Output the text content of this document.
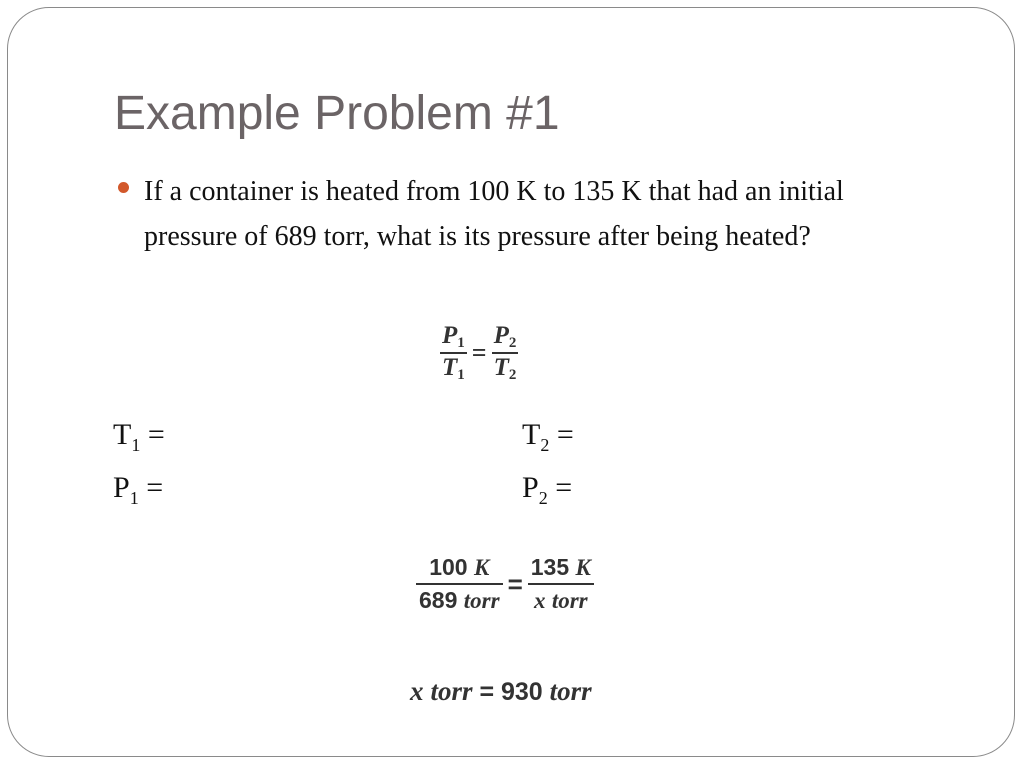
Example Problem #1
If a container is heated from 100 K to 135 K that had an initial pressure of 689 torr, what is its pressure after being heated?
$\frac{P1}{T1} = \frac{P2}{T2}$
$T_1$ =	$T_2$ =
$P_1$ =	$P_2$ =
$\frac{100 K}{\text{689 torr}} = \frac{135 K}{\text{x torr}}$
x torr = 930 torr
